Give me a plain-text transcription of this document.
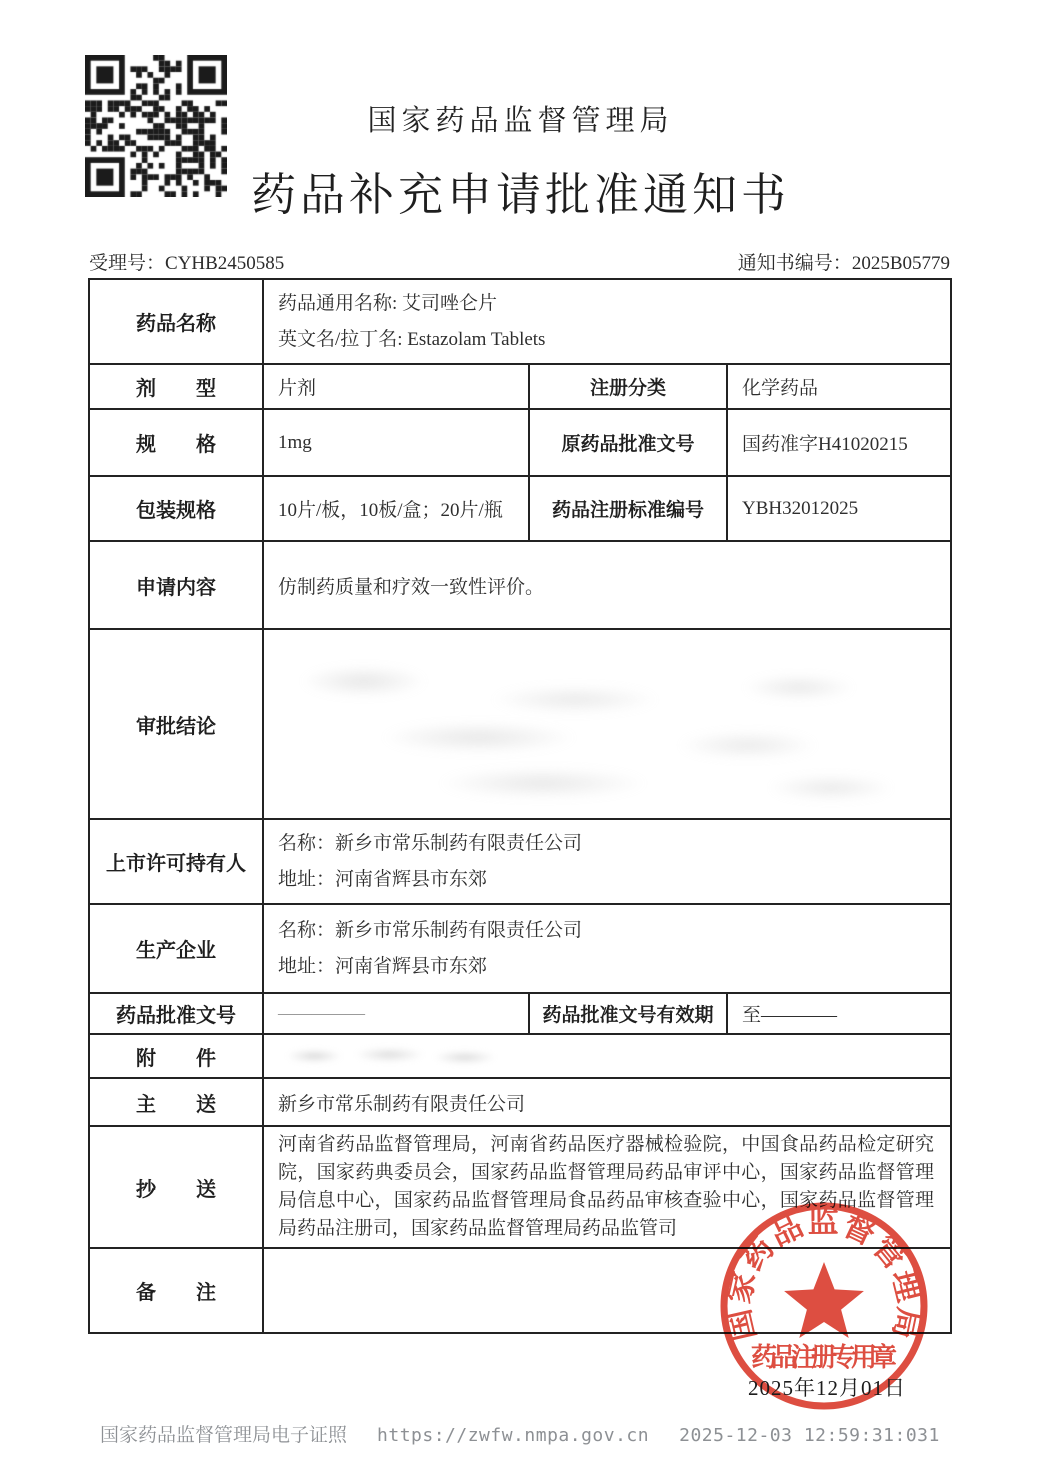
国家药品监督管理局
药品补充申请批准通知书
受理号：CYHB2450585	通知书编号：2025B05779
药品名称	药品通用名称: 艾司唑仑片
英文名/拉丁名: Estazolam Tablets		

剂　　型	片剂	注册分类	化学药品
规　　格	1mg	原药品批准文号	国药准字H41020215
包装规格	10片/板，10板/盒；20片/瓶	药品注册标准编号	YBH32012025
申请内容	仿制药质量和疗效一致性评价。		
审批结论			

上市许可持有人	名称：新乡市常乐制药有限责任公司
地址：河南省辉县市东郊		

生产企业	名称：新乡市常乐制药有限责任公司
地址：河南省辉县市东郊		

药品批准文号	—————	药品批准文号有效期	至————
附　　件			
主　　送	新乡市常乐制药有限责任公司		
抄　　送	河南省药品监督管理局，河南省药品医疗器械检验院，中国食品药品检定研究院，国家药典委员会，国家药品监督管理局药品审评中心，国家药品监督管理局信息中心，国家药品监督管理局食品药品审核查验中心，国家药品监督管理局药品注册司，国家药品监督管理局药品监管司		

备　　注			
2025年12月01日
国家药品监督管理局
药品注册专用章
国家药品监督管理局电子证照 https://zwfw.nmpa.gov.cn 2025-12-03 12:59:31:031
